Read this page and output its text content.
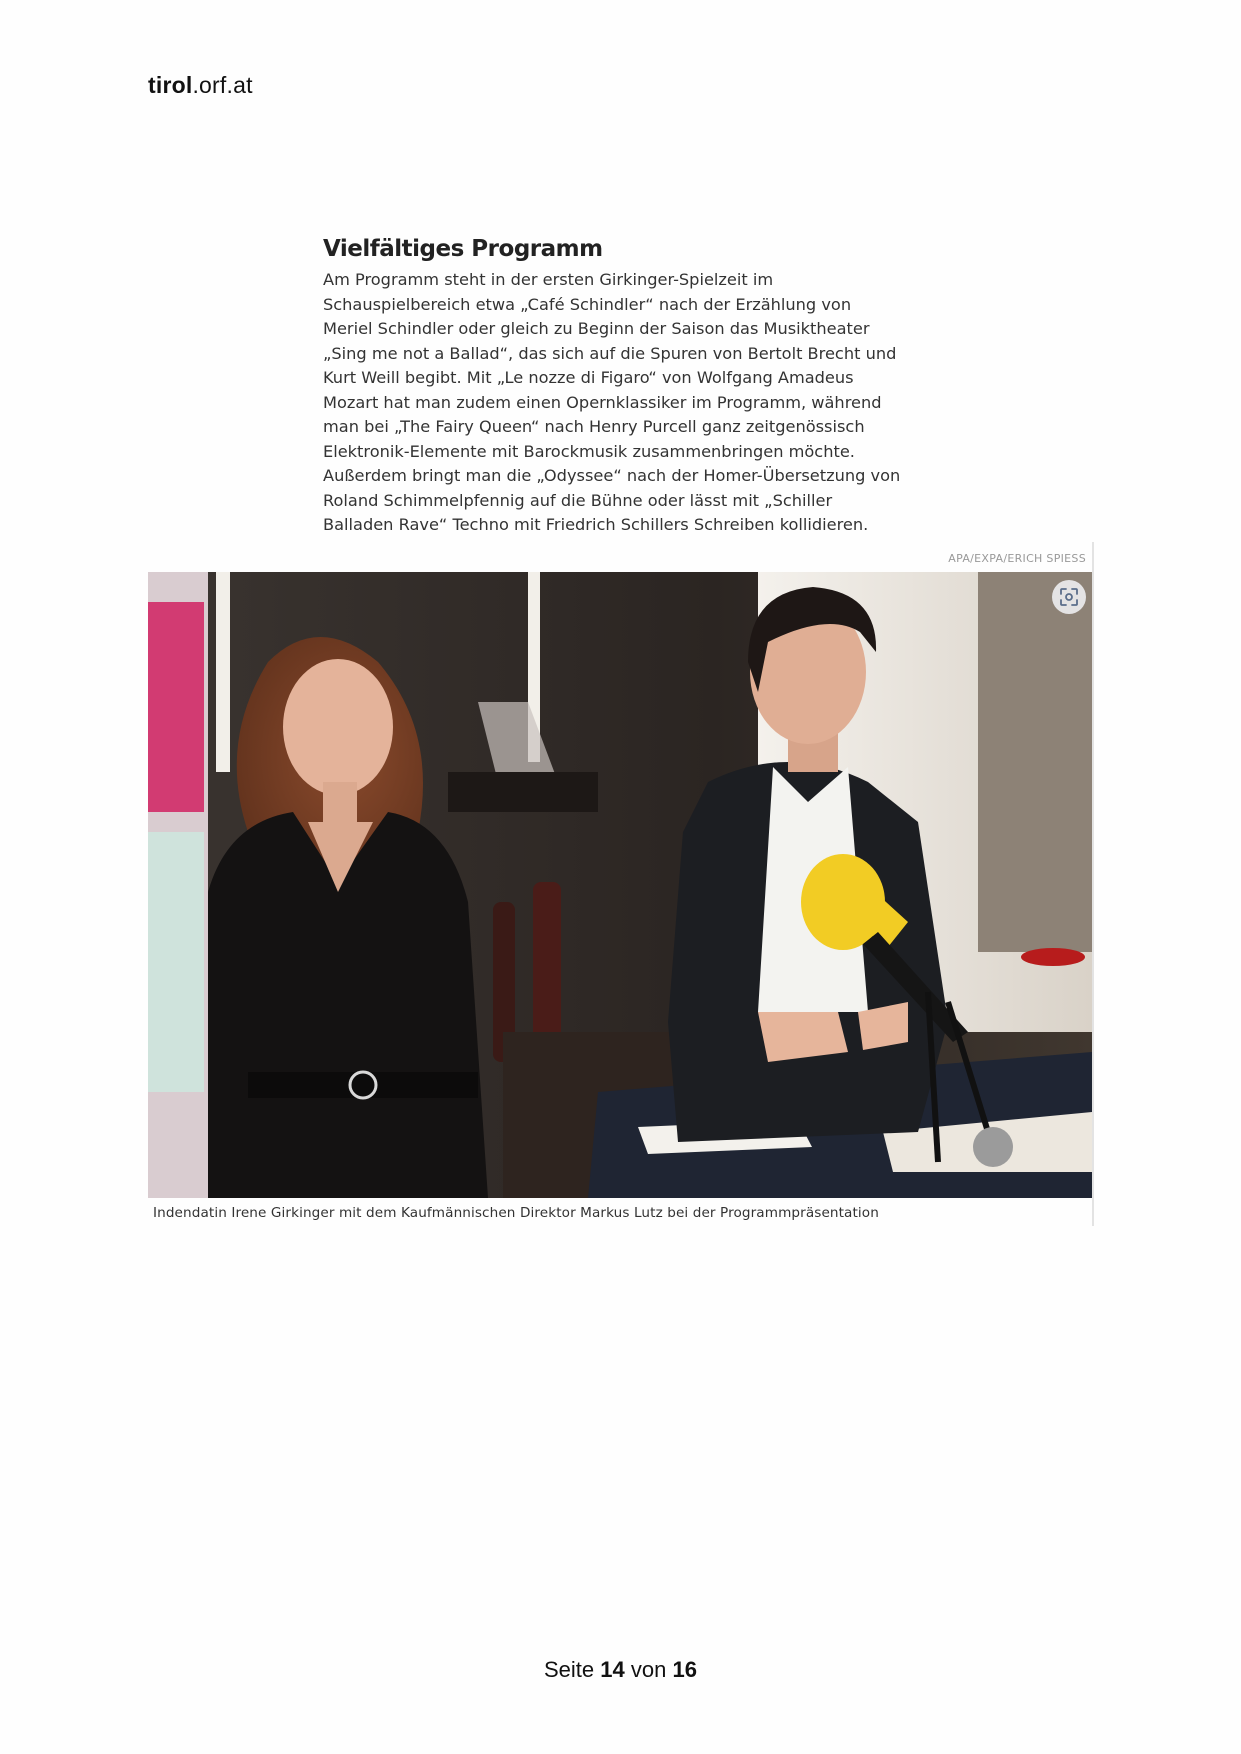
tirol.orf.at
Vielfältiges Programm

Am Programm steht in der ersten Girkinger-Spielzeit im
Schauspielbereich etwa „Café Schindler“ nach der Erzählung von
Meriel Schindler oder gleich zu Beginn der Saison das Musiktheater
„Sing me not a Ballad“, das sich auf die Spuren von Bertolt Brecht und
Kurt Weill begibt. Mit „Le nozze di Figaro“ von Wolfgang Amadeus
Mozart hat man zudem einen Opernklassiker im Programm, während
man bei „The Fairy Queen“ nach Henry Purcell ganz zeitgenössisch
Elektronik-Elemente mit Barockmusik zusammenbringen möchte.
Außerdem bringt man die „Odyssee“ nach der Homer-Übersetzung von
Roland Schimmelpfennig auf die Bühne oder lässt mit „Schiller
Balladen Rave“ Techno mit Friedrich Schillers Schreiben kollidieren.

APA/EXPA/ERICH SPIESS
Indendatin Irene Girkinger mit dem Kaufmännischen Direktor Markus Lutz bei der Programmpräsentation
Seite 14 von 16
